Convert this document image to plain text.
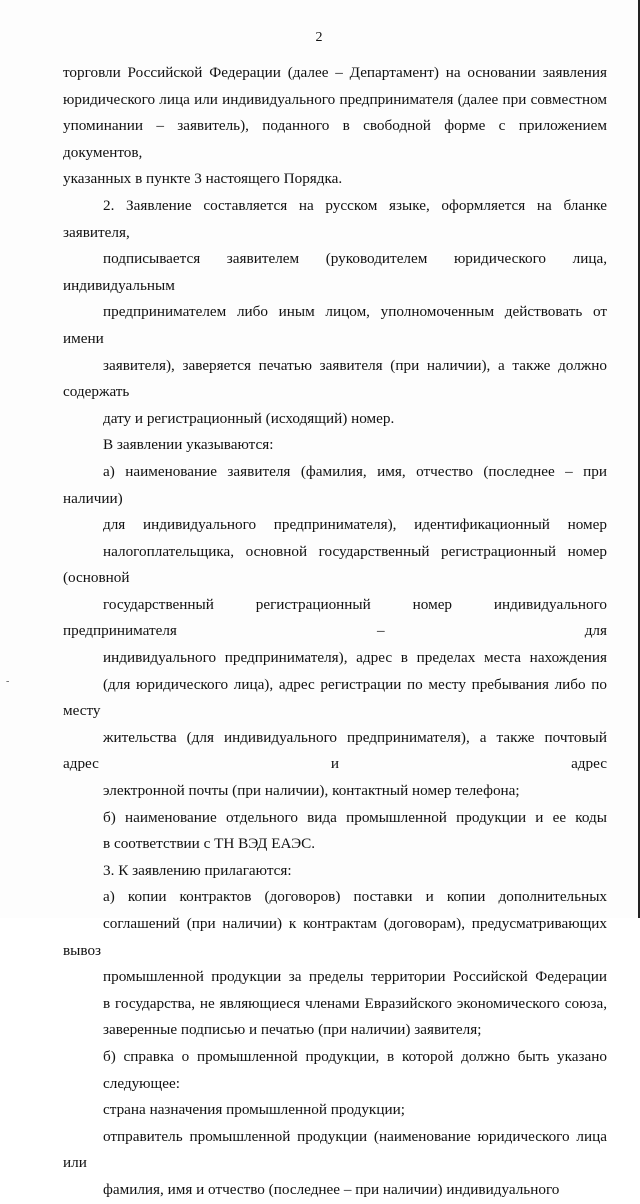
2
-

торговли Российской Федерации (далее – Департамент) на основании заявления
юридического лица или индивидуального предпринимателя (далее при совместном
упоминании – заявитель), поданного в свободной форме с приложением документов,
указанных в пункте 3 настоящего Порядка.

2. Заявление составляется на русском языке, оформляется на бланке заявителя,
подписывается заявителем (руководителем юридического лица, индивидуальным
предпринимателем либо иным лицом, уполномоченным действовать от имени
заявителя), заверяется печатью заявителя (при наличии), а также должно содержать
дату и регистрационный (исходящий) номер.

В заявлении указываются:

а) наименование заявителя (фамилия, имя, отчество (последнее – при наличии)
для индивидуального предпринимателя), идентификационный номер
налогоплательщика, основной государственный регистрационный номер (основной
государственный регистрационный номер индивидуального предпринимателя – для
индивидуального предпринимателя), адрес в пределах места нахождения
(для юридического лица), адрес регистрации по месту пребывания либо по месту
жительства (для индивидуального предпринимателя), а также почтовый адрес и адрес
электронной почты (при наличии), контактный номер телефона;

б) наименование отдельного вида промышленной продукции и ее коды
в соответствии с ТН ВЭД ЕАЭС.

3. К заявлению прилагаются:

а) копии контрактов (договоров) поставки и копии дополнительных
соглашений (при наличии) к контрактам (договорам), предусматривающих вывоз
промышленной продукции за пределы территории Российской Федерации
в государства, не являющиеся членами Евразийского экономического союза,
заверенные подписью и печатью (при наличии) заявителя;

б) справка о промышленной продукции, в которой должно быть указано
следующее:

страна назначения промышленной продукции;

отправитель промышленной продукции (наименование юридического лица или
фамилия, имя и отчество (последнее – при наличии) индивидуального
